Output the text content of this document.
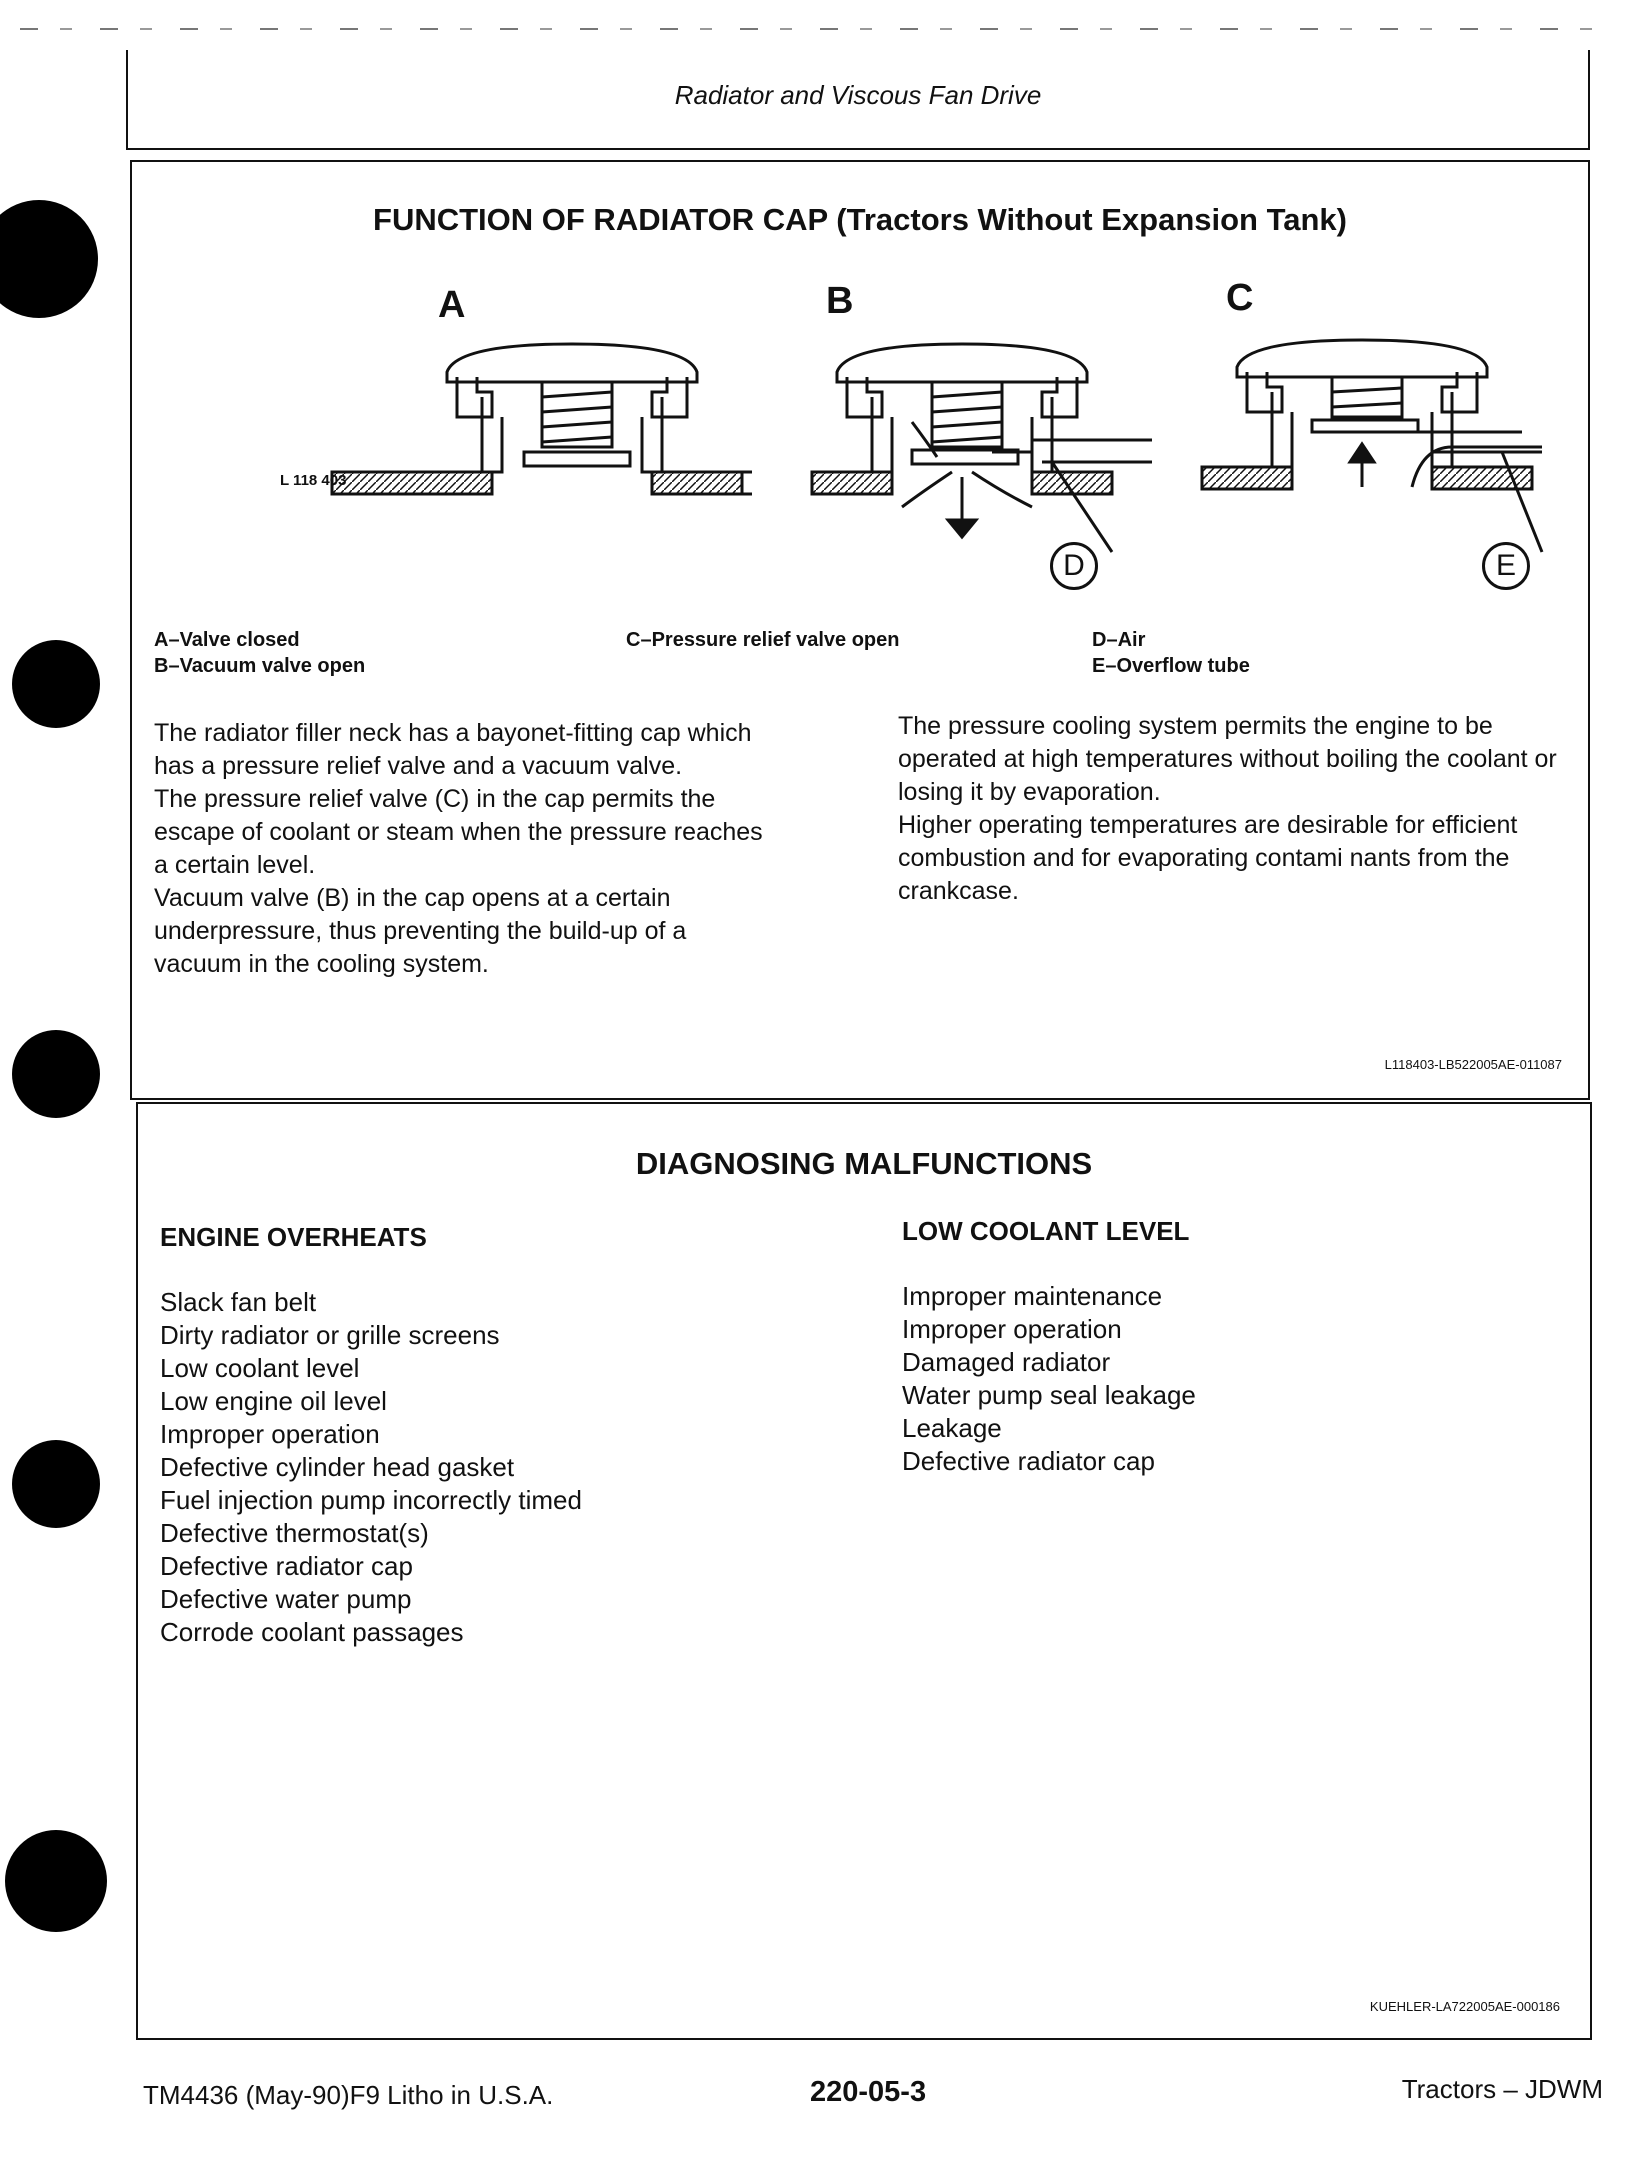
Radiator and Viscous Fan Drive
FUNCTION OF RADIATOR CAP (Tractors Without Expansion Tank)
A	B	C
D	E
L 118 403
A–Valve closed
B–Vacuum valve open
C–Pressure relief valve open	D–Air
E–Overflow tube

The radiator filler neck has a bayonet-fitting cap which has a pressure relief valve and a vacuum valve.

The pressure relief valve (C) in the cap permits the escape of coolant or steam when the pressure reaches a certain level.

Vacuum valve (B) in the cap opens at a certain underpressure, thus preventing the build-up of a vacuum in the cooling system.

The pressure cooling system permits the engine to be operated at high temperatures without boiling the coolant or losing it by evaporation.

Higher operating temperatures are desirable for efficient combustion and for evaporating contami nants from the crankcase.

L118403-LB522005AE-011087
DIAGNOSING MALFUNCTIONS
ENGINE OVERHEATS
Slack fan belt
Dirty radiator or grille screens
Low coolant level
Low engine oil level
Improper operation
Defective cylinder head gasket
Fuel injection pump incorrectly timed
Defective thermostat(s)
Defective radiator cap
Defective water pump
Corrode coolant passages
LOW COOLANT LEVEL
Improper maintenance
Improper operation
Damaged radiator
Water pump seal leakage
Leakage
Defective radiator cap
KUEHLER-LA722005AE-000186
TM4436 (May-90)F9 Litho in U.S.A.	220-05-3	Tractors – JDWM
